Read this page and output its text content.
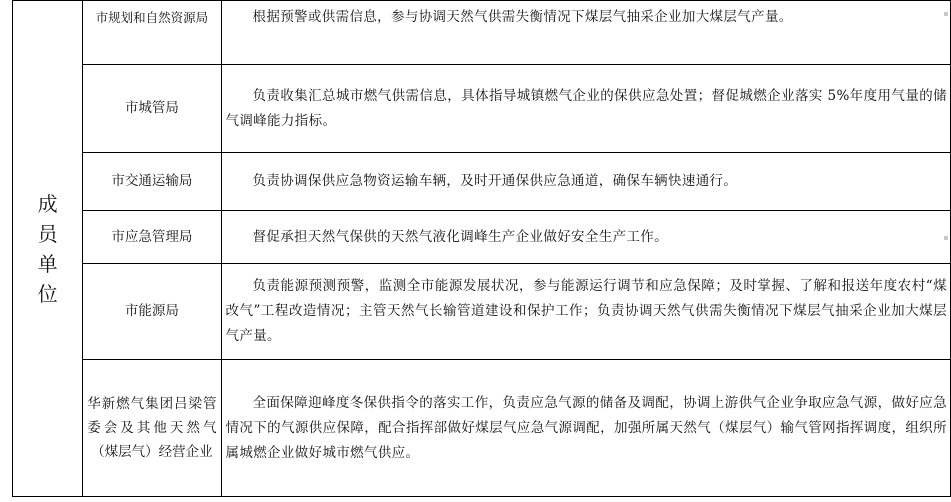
成员单位	市规划和自然资源局	根据预警或供需信息，参与协调天然气供需失衡情况下煤层气抽采企业加大煤层气产量。
	市城管局	负责收集汇总城市燃气供需信息，具体指导城镇燃气企业的保供应急处置；督促城燃企业落实 5%年度用气量的储气调峰能力指标。
	市交通运输局	负责协调保供应急物资运输车辆，及时开通保供应急通道，确保车辆快速通行。
	市应急管理局	督促承担天然气保供的天然气液化调峰生产企业做好安全生产工作。
	市能源局	负责能源预测预警，监测全市能源发展状况，参与能源运行调节和应急保障；及时掌握、了解和报送年度农村“煤改气”工程改造情况；主管天然气长输管道建设和保护工作；负责协调天然气供需失衡情况下煤层气抽采企业加大煤层气产量。
	华新燃气集团吕梁管委会及其他天然气（煤层气）经营企业	全面保障迎峰度冬保供指令的落实工作，负责应急气源的储备及调配，协调上游供气企业争取应急气源，做好应急情况下的气源供应保障，配合指挥部做好煤层气应急气源调配，加强所属天然气（煤层气）输气管网指挥调度，组织所属城燃企业做好城市燃气供应。
